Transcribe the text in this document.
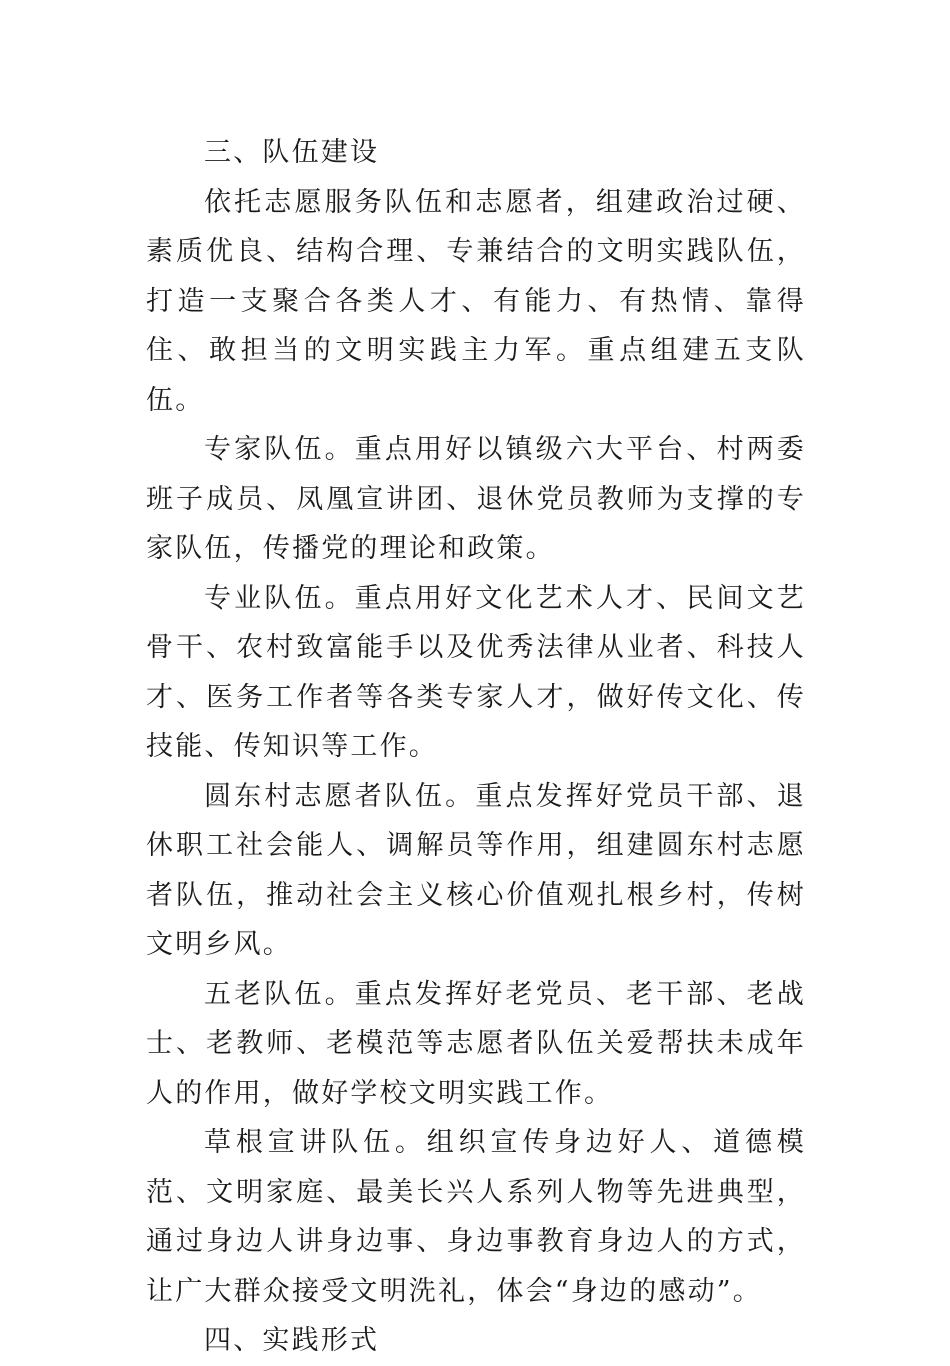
三、队伍建设

依托志愿服务队伍和志愿者，组建政治过硬、素质优良、结构合理、专兼结合的文明实践队伍，打造一支聚合各类人才、有能力、有热情、靠得住、敢担当的文明实践主力军。重点组建五支队伍。

专家队伍。重点用好以镇级六大平台、村两委班子成员、凤凰宣讲团、退休党员教师为支撑的专家队伍，传播党的理论和政策。

专业队伍。重点用好文化艺术人才、民间文艺骨干、农村致富能手以及优秀法律从业者、科技人才、医务工作者等各类专家人才，做好传文化、传技能、传知识等工作。

圆东村志愿者队伍。重点发挥好党员干部、退休职工社会能人、调解员等作用，组建圆东村志愿者队伍，推动社会主义核心价值观扎根乡村，传树文明乡风。

五老队伍。重点发挥好老党员、老干部、老战士、老教师、老模范等志愿者队伍关爱帮扶未成年人的作用，做好学校文明实践工作。

草根宣讲队伍。组织宣传身边好人、道德模范、文明家庭、最美长兴人系列人物等先进典型，通过身边人讲身边事、身边事教育身边人的方式，让广大群众接受文明洗礼，体会“身边的感动”。

四、实践形式
